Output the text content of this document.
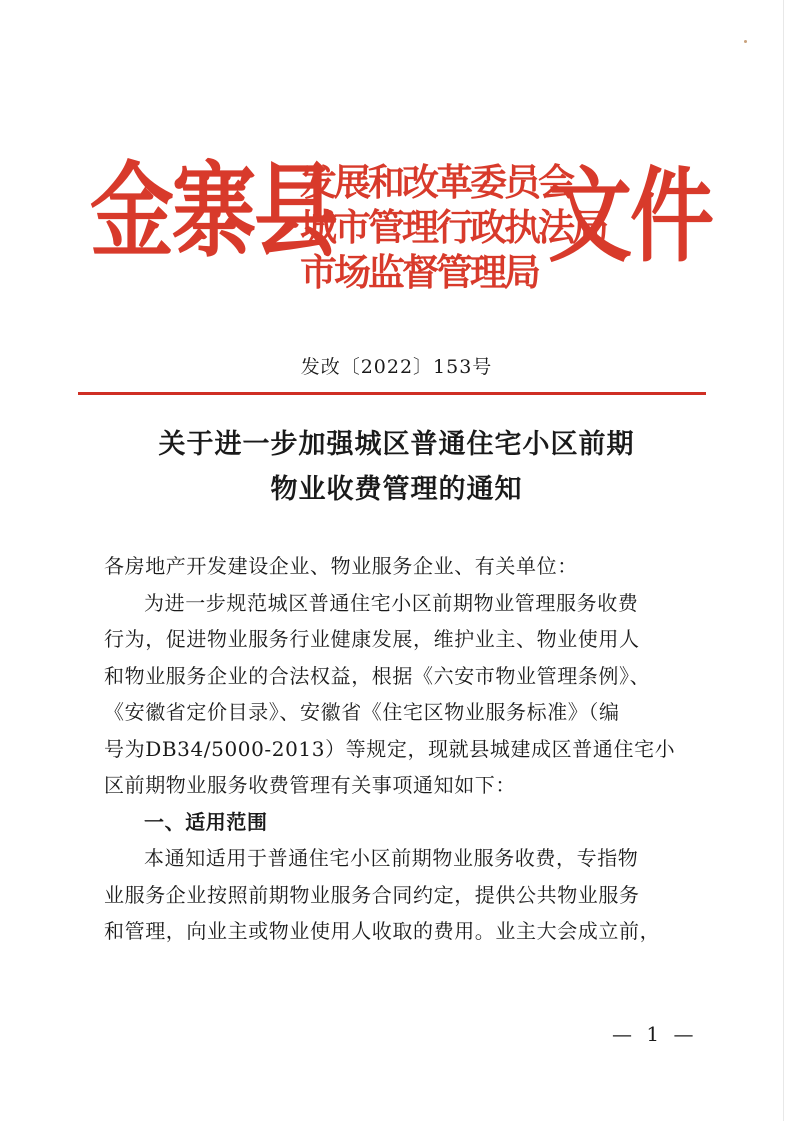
金寨县
发展和改革委员会
城市管理行政执法局
市场监督管理局 文件
发改〔2022〕153号
关于进一步加强城区普通住宅小区前期
物业收费管理的通知
各房地产开发建设企业、物业服务企业、有关单位：
为进一步规范城区普通住宅小区前期物业管理服务收费
行为，促进物业服务行业健康发展，维护业主、物业使用人
和物业服务企业的合法权益，根据《六安市物业管理条例》、
《安徽省定价目录》、安徽省《住宅区物业服务标准》（编
号为DB34/5000-2013）等规定，现就县城建成区普通住宅小
区前期物业服务收费管理有关事项通知如下：
一、适用范围
本通知适用于普通住宅小区前期物业服务收费，专指物
业服务企业按照前期物业服务合同约定，提供公共物业服务
和管理，向业主或物业使用人收取的费用。业主大会成立前，
— 1 —
